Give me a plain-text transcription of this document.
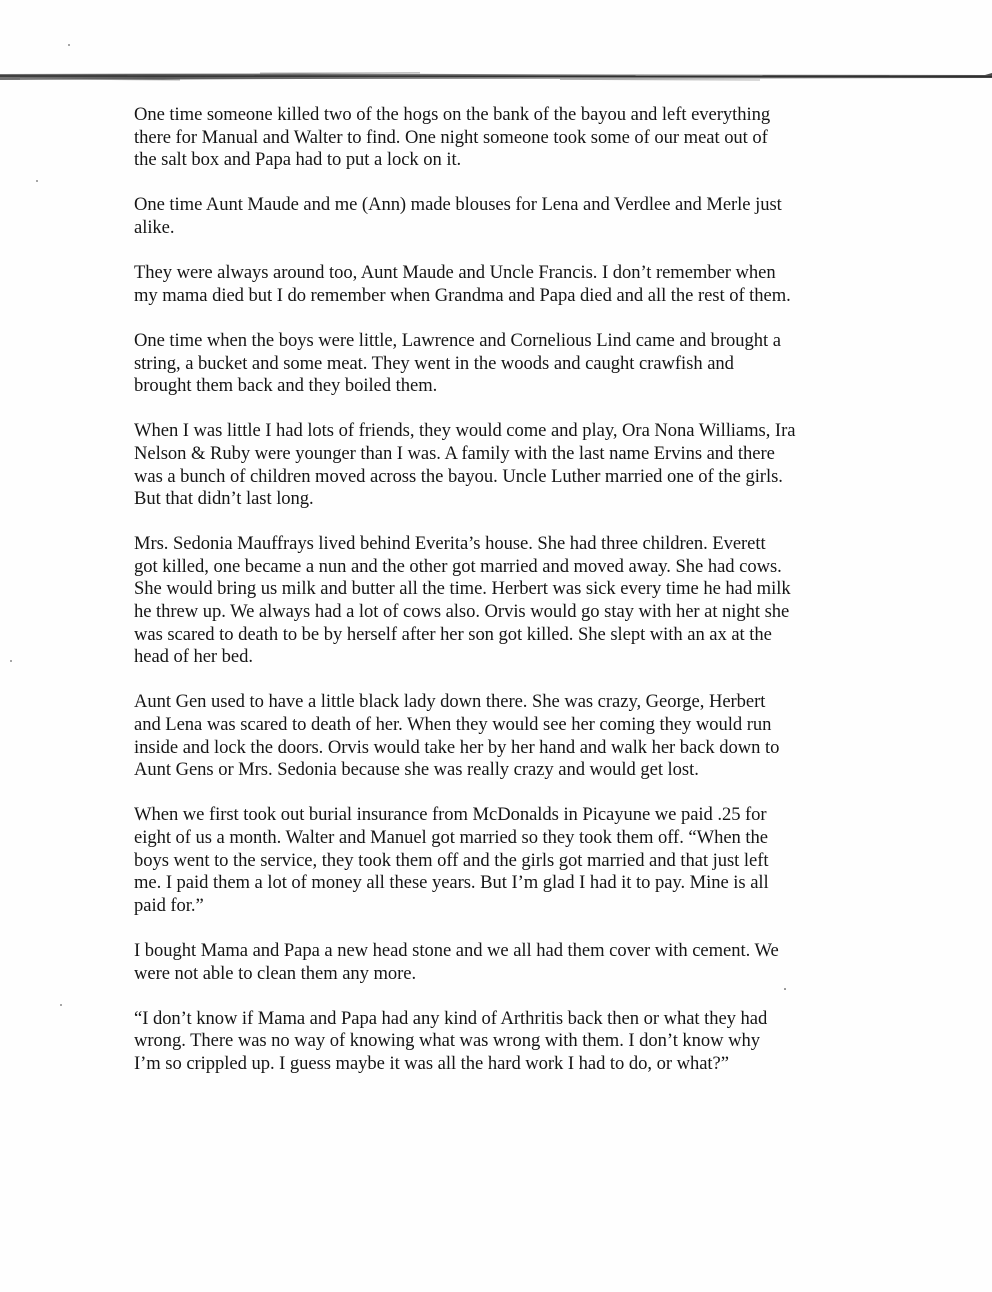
One time someone killed two of the hogs on the bank of the bayou and left everything
there for Manual and Walter to find. One night someone took some of our meat out of
the salt box and Papa had to put a lock on it.

One time Aunt Maude and me (Ann) made blouses for Lena and Verdlee and Merle just
alike.

They were always around too, Aunt Maude and Uncle Francis. I don’t remember when
my mama died but I do remember when Grandma and Papa died and all the rest of them.

One time when the boys were little, Lawrence and Cornelious Lind came and brought a
string, a bucket and some meat. They went in the woods and caught crawfish and
brought them back and they boiled them.

When I was little I had lots of friends, they would come and play, Ora Nona Williams, Ira
Nelson & Ruby were younger than I was. A family with the last name Ervins and there
was a bunch of children moved across the bayou. Uncle Luther married one of the girls.
But that didn’t last long.

Mrs. Sedonia Mauffrays lived behind Everita’s house. She had three children. Everett
got killed, one became a nun and the other got married and moved away. She had cows.
She would bring us milk and butter all the time. Herbert was sick every time he had milk
he threw up. We always had a lot of cows also. Orvis would go stay with her at night she
was scared to death to be by herself after her son got killed. She slept with an ax at the
head of her bed.

Aunt Gen used to have a little black lady down there. She was crazy, George, Herbert
and Lena was scared to death of her. When they would see her coming they would run
inside and lock the doors. Orvis would take her by her hand and walk her back down to
Aunt Gens or Mrs. Sedonia because she was really crazy and would get lost.

When we first took out burial insurance from McDonalds in Picayune we paid .25 for
eight of us a month. Walter and Manuel got married so they took them off. “When the
boys went to the service, they took them off and the girls got married and that just left
me. I paid them a lot of money all these years. But I’m glad I had it to pay. Mine is all
paid for.”

I bought Mama and Papa a new head stone and we all had them cover with cement. We
were not able to clean them any more.

“I don’t know if Mama and Papa had any kind of Arthritis back then or what they had
wrong. There was no way of knowing what was wrong with them. I don’t know why
I’m so crippled up. I guess maybe it was all the hard work I had to do, or what?”
